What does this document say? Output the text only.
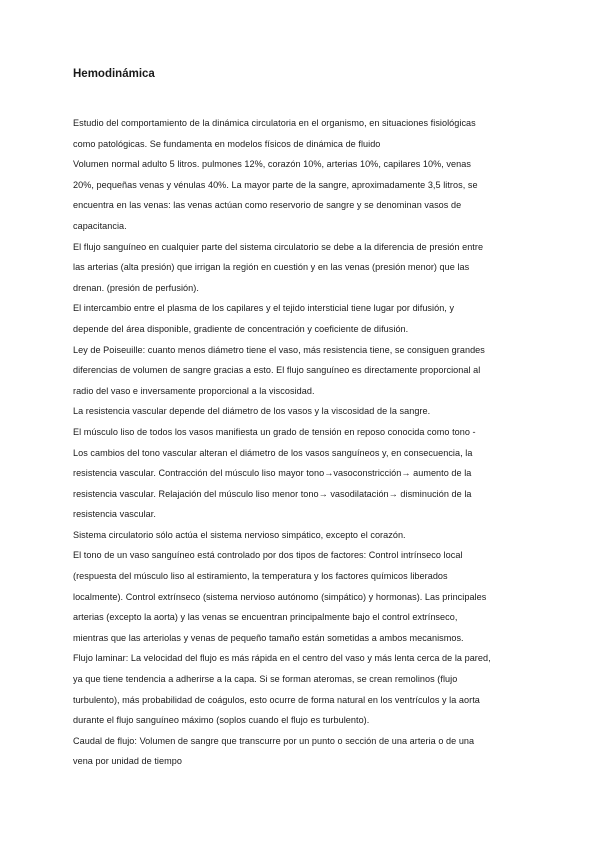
Hemodinámica

Estudio del comportamiento de la dinámica circulatoria en el organismo, en situaciones fisiológicas
como patológicas. Se fundamenta en modelos físicos de dinámica de fluido

Volumen normal adulto 5 litros. pulmones 12%, corazón 10%, arterias 10%, capilares 10%, venas
20%, pequeñas venas y vénulas 40%. La mayor parte de la sangre, aproximadamente 3,5 litros, se
encuentra en las venas: las venas actúan como reservorio de sangre y se denominan vasos de
capacitancia.

El flujo sanguíneo en cualquier parte del sistema circulatorio se debe a la diferencia de presión entre
las arterias (alta presión) que irrigan la región en cuestión y en las venas (presión menor) que las
drenan. (presión de perfusión).

El intercambio entre el plasma de los capilares y el tejido intersticial tiene lugar por difusión, y
depende del área disponible, gradiente de concentración y coeficiente de difusión.

Ley de Poiseuille: cuanto menos diámetro tiene el vaso, más resistencia tiene, se consiguen grandes
diferencias de volumen de sangre gracias a esto. El flujo sanguíneo es directamente proporcional al
radio del vaso e inversamente proporcional a la viscosidad.

La resistencia vascular depende del diámetro de los vasos y la viscosidad de la sangre.

El músculo liso de todos los vasos manifiesta un grado de tensión en reposo conocida como tono -
Los cambios del tono vascular alteran el diámetro de los vasos sanguíneos y, en consecuencia, la
resistencia vascular. Contracción del músculo liso mayor tono→vasoconstricción→ aumento de la
resistencia vascular. Relajación del músculo liso menor tono→ vasodilatación→ disminución de la
resistencia vascular.

Sistema circulatorio sólo actúa el sistema nervioso simpático, excepto el corazón.

El tono de un vaso sanguíneo está controlado por dos tipos de factores: Control intrínseco local
(respuesta del músculo liso al estiramiento, la temperatura y los factores químicos liberados
localmente). Control extrínseco (sistema nervioso autónomo (simpático) y hormonas). Las principales
arterias (excepto la aorta) y las venas se encuentran principalmente bajo el control extrínseco,
mientras que las arteriolas y venas de pequeño tamaño están sometidas a ambos mecanismos.

Flujo laminar: La velocidad del flujo es más rápida en el centro del vaso y más lenta cerca de la pared,
ya que tiene tendencia a adherirse a la capa. Si se forman ateromas, se crean remolinos (flujo
turbulento), más probabilidad de coágulos, esto ocurre de forma natural en los ventrículos y la aorta
durante el flujo sanguíneo máximo (soplos cuando el flujo es turbulento).

Caudal de flujo: Volumen de sangre que transcurre por un punto o sección de una arteria o de una
vena por unidad de tiempo
